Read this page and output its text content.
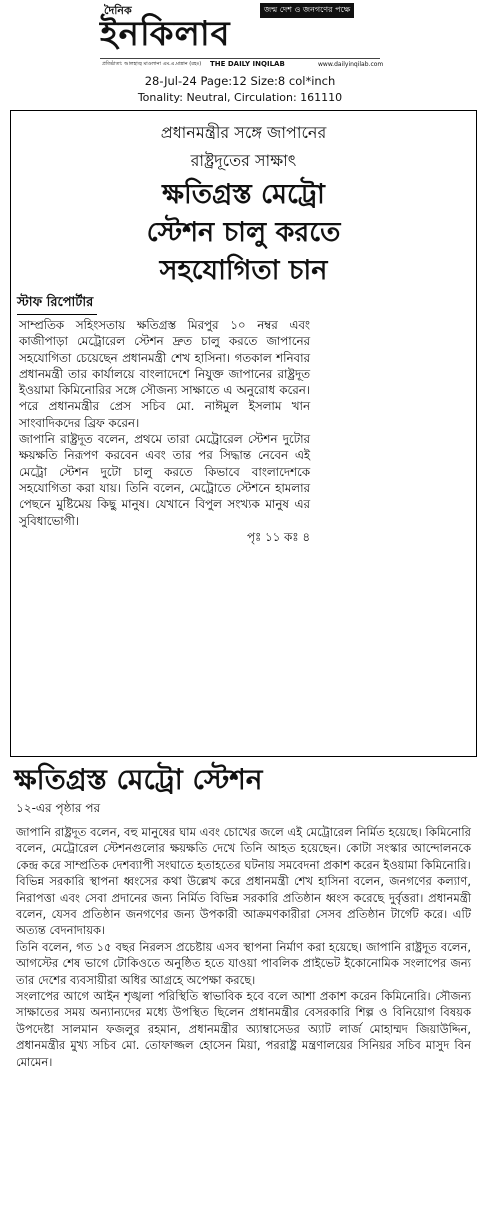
দৈনিক	জন্ম দেশ ও জনগণের পক্ষে
ইনকিলাব
প্রতিষ্ঠাতা: আলহাজ্ব মাওলানা এম.এ.মান্নান (রহঃ)	THE DAILY INQILAB	www.dailyinqilab.com
28-Jul-24 Page:12 Size:8 col*inch
Tonality: Neutral, Circulation: 161110
প্রধানমন্ত্রীর সঙ্গে জাপানের
রাষ্ট্রদূতের সাক্ষাৎ
ক্ষতিগ্রস্ত মেট্রো
স্টেশন চালু করতে
সহযোগিতা চান
স্টাফ রিপোর্টার

সাম্প্রতিক সহিংসতায় ক্ষতিগ্রস্ত মিরপুর ১০ নম্বর এবং কাজীপাড়া মেট্রোরেল স্টেশন দ্রুত চালু করতে জাপানের সহযোগিতা চেয়েছেন প্রধানমন্ত্রী শেখ হাসিনা। গতকাল শনিবার প্রধানমন্ত্রী তার কার্যালয়ে বাংলাদেশে নিযুক্ত জাপানের রাষ্ট্রদূত ইওয়ামা কিমিনোরির সঙ্গে সৌজন্য সাক্ষাতে এ অনুরোধ করেন। পরে প্রধানমন্ত্রীর প্রেস সচিব মো. নাঈমুল ইসলাম খান সাংবাদিকদের ব্রিফ করেন।

জাপানি রাষ্ট্রদূত বলেন, প্রথমে তারা মেট্রোরেল স্টেশন দুটোর ক্ষয়ক্ষতি নিরূপণ করবেন এবং তার পর সিদ্ধান্ত নেবেন এই মেট্রো স্টেশন দুটো চালু করতে কিভাবে বাংলাদেশকে সহযোগিতা করা যায়। তিনি বলেন, মেট্রোতে স্টেশনে হামলার পেছনে মুষ্টিমেয় কিছু মানুষ। যেখানে বিপুল সংখ্যক মানুষ এর সুবিধাভোগী।

পৃঃ ১১ কঃ ৪

ক্ষতিগ্রস্ত মেট্রো স্টেশন
১২-এর পৃষ্ঠার পর

জাপানি রাষ্ট্রদূত বলেন, বহু মানুষের ঘাম এবং চোখের জলে এই মেট্রোরেল নির্মিত হয়েছে। কিমিনোরি বলেন, মেট্রোরেল স্টেশনগুলোর ক্ষয়ক্ষতি দেখে তিনি আহত হয়েছেন। কোটা সংস্কার আন্দোলনকে কেন্দ্র করে সাম্প্রতিক দেশব্যাপী সংঘাতে হতাহতের ঘটনায় সমবেদনা প্রকাশ করেন ইওয়ামা কিমিনোরি।

বিভিন্ন সরকারি স্থাপনা ধ্বংসের কথা উল্লেখ করে প্রধানমন্ত্রী শেখ হাসিনা বলেন, জনগণের কল্যাণ, নিরাপত্তা এবং সেবা প্রদানের জন্য নির্মিত বিভিন্ন সরকারি প্রতিষ্ঠান ধ্বংস করেছে দুর্বৃত্তরা। প্রধানমন্ত্রী বলেন, যেসব প্রতিষ্ঠান জনগণের জন্য উপকারী আক্রমণকারীরা সেসব প্রতিষ্ঠান টার্গেট করে। এটি অত্যন্ত বেদনাদায়ক।

তিনি বলেন, গত ১৫ বছর নিরলস প্রচেষ্টায় এসব স্থাপনা নির্মাণ করা হয়েছে। জাপানি রাষ্ট্রদূত বলেন, আগস্টের শেষ ভাগে টোকিওতে অনুষ্ঠিত হতে যাওয়া পাবলিক প্রাইভেট ইকোনোমিক সংলাপের জন্য তার দেশের ব্যবসায়ীরা অধির আগ্রহে অপেক্ষা করছে।

সংলাপের আগে আইন শৃঙ্খলা পরিস্থিতি স্বাভাবিক হবে বলে আশা প্রকাশ করেন কিমিনোরি। সৌজন্য সাক্ষাতের সময় অন্যান্যদের মধ্যে উপস্থিত ছিলেন প্রধানমন্ত্রীর বেসরকারি শিল্প ও বিনিয়োগ বিষয়ক উপদেষ্টা সালমান ফজলুর রহমান, প্রধানমন্ত্রীর অ্যাম্বাসেডর অ্যাট লার্জ মোহাম্মদ জিয়াউদ্দিন, প্রধানমন্ত্রীর মুখ্য সচিব মো. তোফাজ্জল হোসেন মিয়া, পররাষ্ট্র মন্ত্রণালয়ের সিনিয়র সচিব মাসুদ বিন মোমেন।
